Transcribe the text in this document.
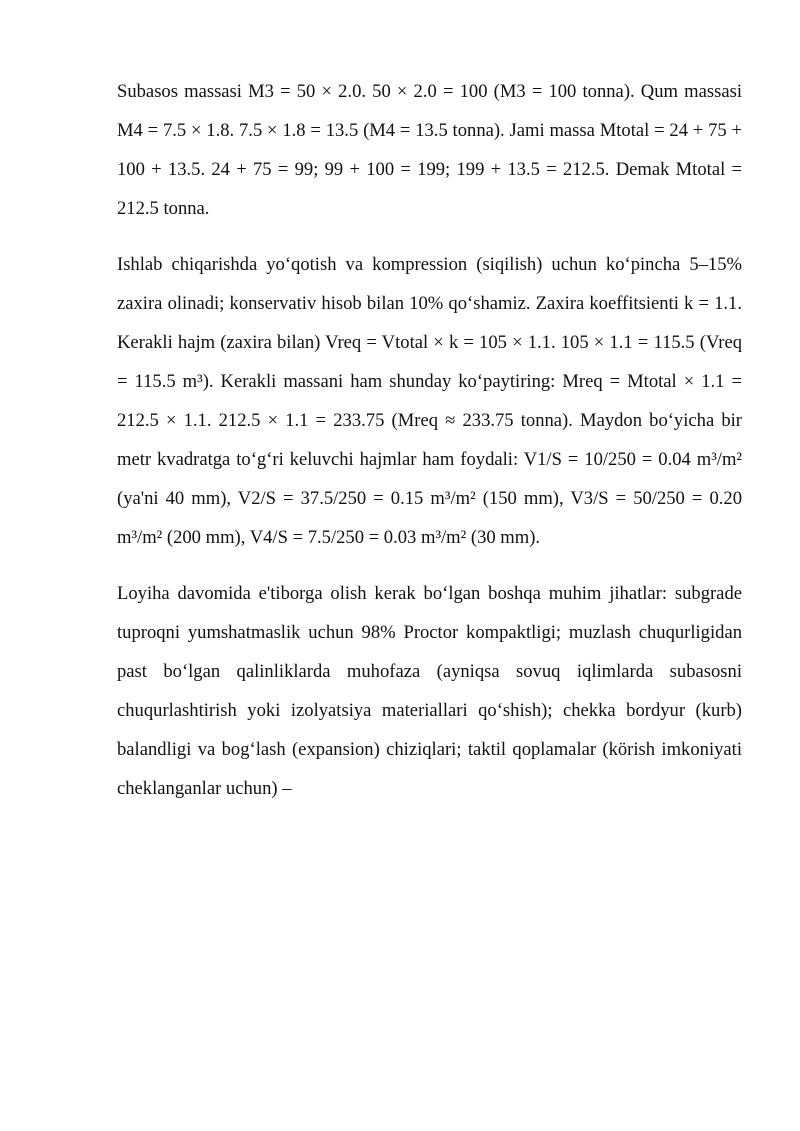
Subasos massasi M3 = 50 × 2.0. 50 × 2.0 = 100 (M3 = 100 tonna). Qum massasi M4 = 7.5 × 1.8. 7.5 × 1.8 = 13.5 (M4 = 13.5 tonna). Jami massa Mtotal = 24 + 75 + 100 + 13.5. 24 + 75 = 99; 99 + 100 = 199; 199 + 13.5 = 212.5. Demak Mtotal = 212.5 tonna.

Ishlab chiqarishda yo‘qotish va kompression (siqilish) uchun ko‘pincha 5–15% zaxira olinadi; konservativ hisob bilan 10% qo‘shamiz. Zaxira koeffitsienti k = 1.1. Kerakli hajm (zaxira bilan) Vreq = Vtotal × k = 105 × 1.1. 105 × 1.1 = 115.5 (Vreq = 115.5 m³). Kerakli massani ham shunday ko‘paytiring: Mreq = Mtotal × 1.1 = 212.5 × 1.1. 212.5 × 1.1 = 233.75 (Mreq ≈ 233.75 tonna). Maydon bo‘yicha bir metr kvadratga to‘g‘ri keluvchi hajmlar ham foydali: V1/S = 10/250 = 0.04 m³/m² (ya'ni 40 mm), V2/S = 37.5/250 = 0.15 m³/m² (150 mm), V3/S = 50/250 = 0.20 m³/m² (200 mm), V4/S = 7.5/250 = 0.03 m³/m² (30 mm).

Loyiha davomida e'tiborga olish kerak bo‘lgan boshqa muhim jihatlar: subgrade tuproqni yumshatmaslik uchun 98% Proctor kompaktligi; muzlash chuqurligidan past bo‘lgan qalinliklarda muhofaza (ayniqsa sovuq iqlimlarda subasosni chuqurlashtirish yoki izolyatsiya materiallari qo‘shish); chekka bordyur (kurb) balandligi va bog‘lash (expansion) chiziqlari; taktil qoplamalar (körish imkoniyati cheklanganlar uchun) –
